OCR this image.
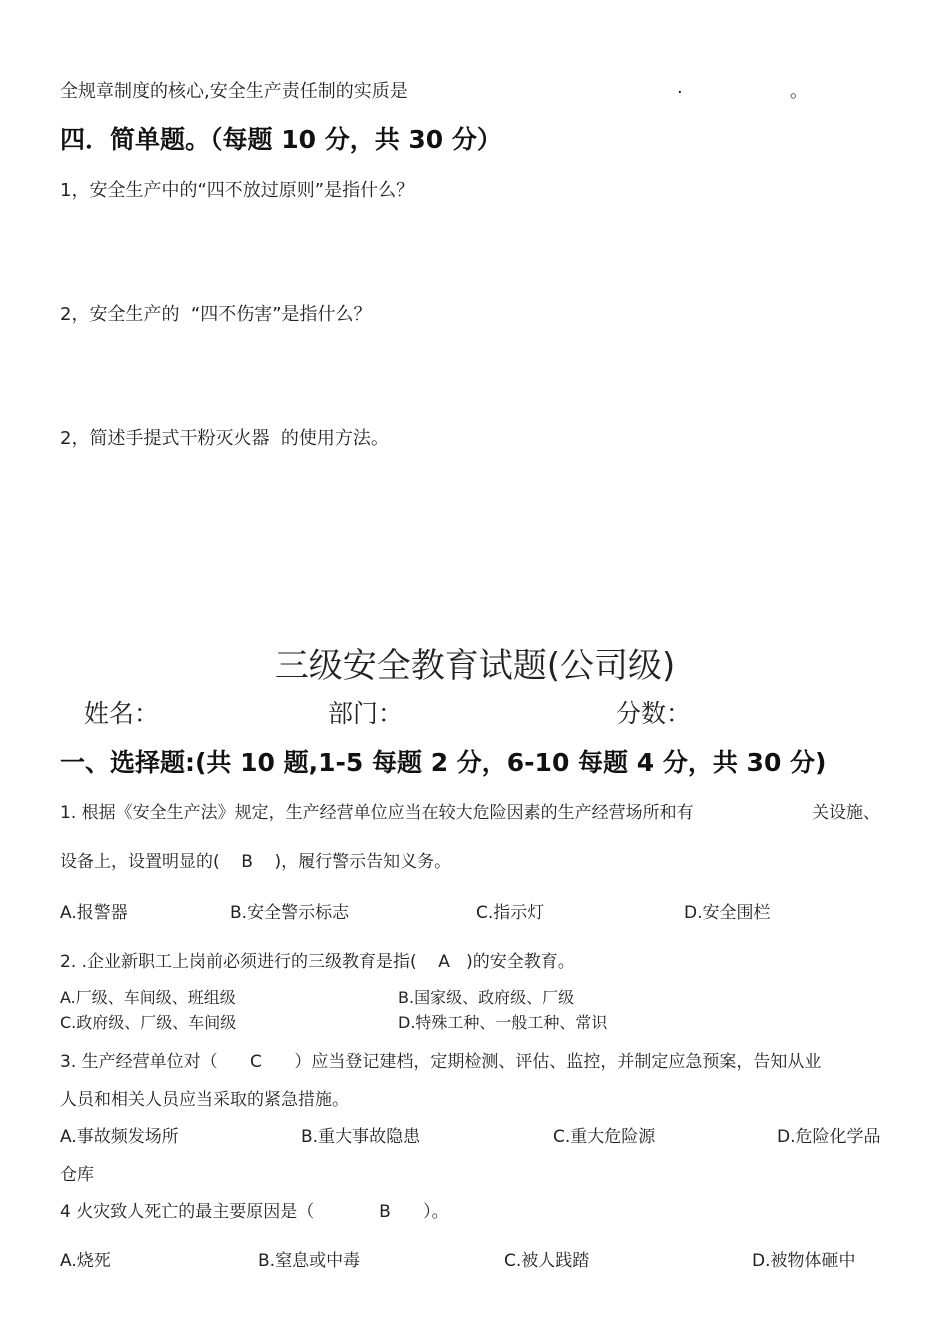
全规章制度的核心,安全生产责任制的实质是	.	。
四．简单题。（每题 10 分，共 30 分）
1，安全生产中的“四不放过原则”是指什么？
2，安全生产的  “四不伤害”是指什么？
2，简述手提式干粉灭火器  的使用方法。
三级安全教育试题(公司级)
姓名：	部门：	分数：
一、选择题:(共 10 题,1-5 每题 2 分，6-10 每题 4 分，共 30 分)
1. 根据《安全生产法》规定，生产经营单位应当在较大危险因素的生产经营场所和有	关设施、
设备上，设置明显的(    B    )，履行警示告知义务。
A.报警器	B.安全警示标志	C.指示灯	D.安全围栏
2. .企业新职工上岗前必须进行的三级教育是指(    A   )的安全教育。
A.厂级、车间级、班组级	B.国家级、政府级、厂级
C.政府级、厂级、车间级	D.特殊工种、一般工种、常识
3. 生产经营单位对（      C      ）应当登记建档，定期检测、评估、监控，并制定应急预案，告知从业
人员和相关人员应当采取的紧急措施。
A.事故频发场所	B.重大事故隐患	C.重大危险源	D.危险化学品
仓库
4 火灾致人死亡的最主要原因是（            B      ）。
A.烧死	B.窒息或中毒	C.被人践踏	D.被物体砸中
